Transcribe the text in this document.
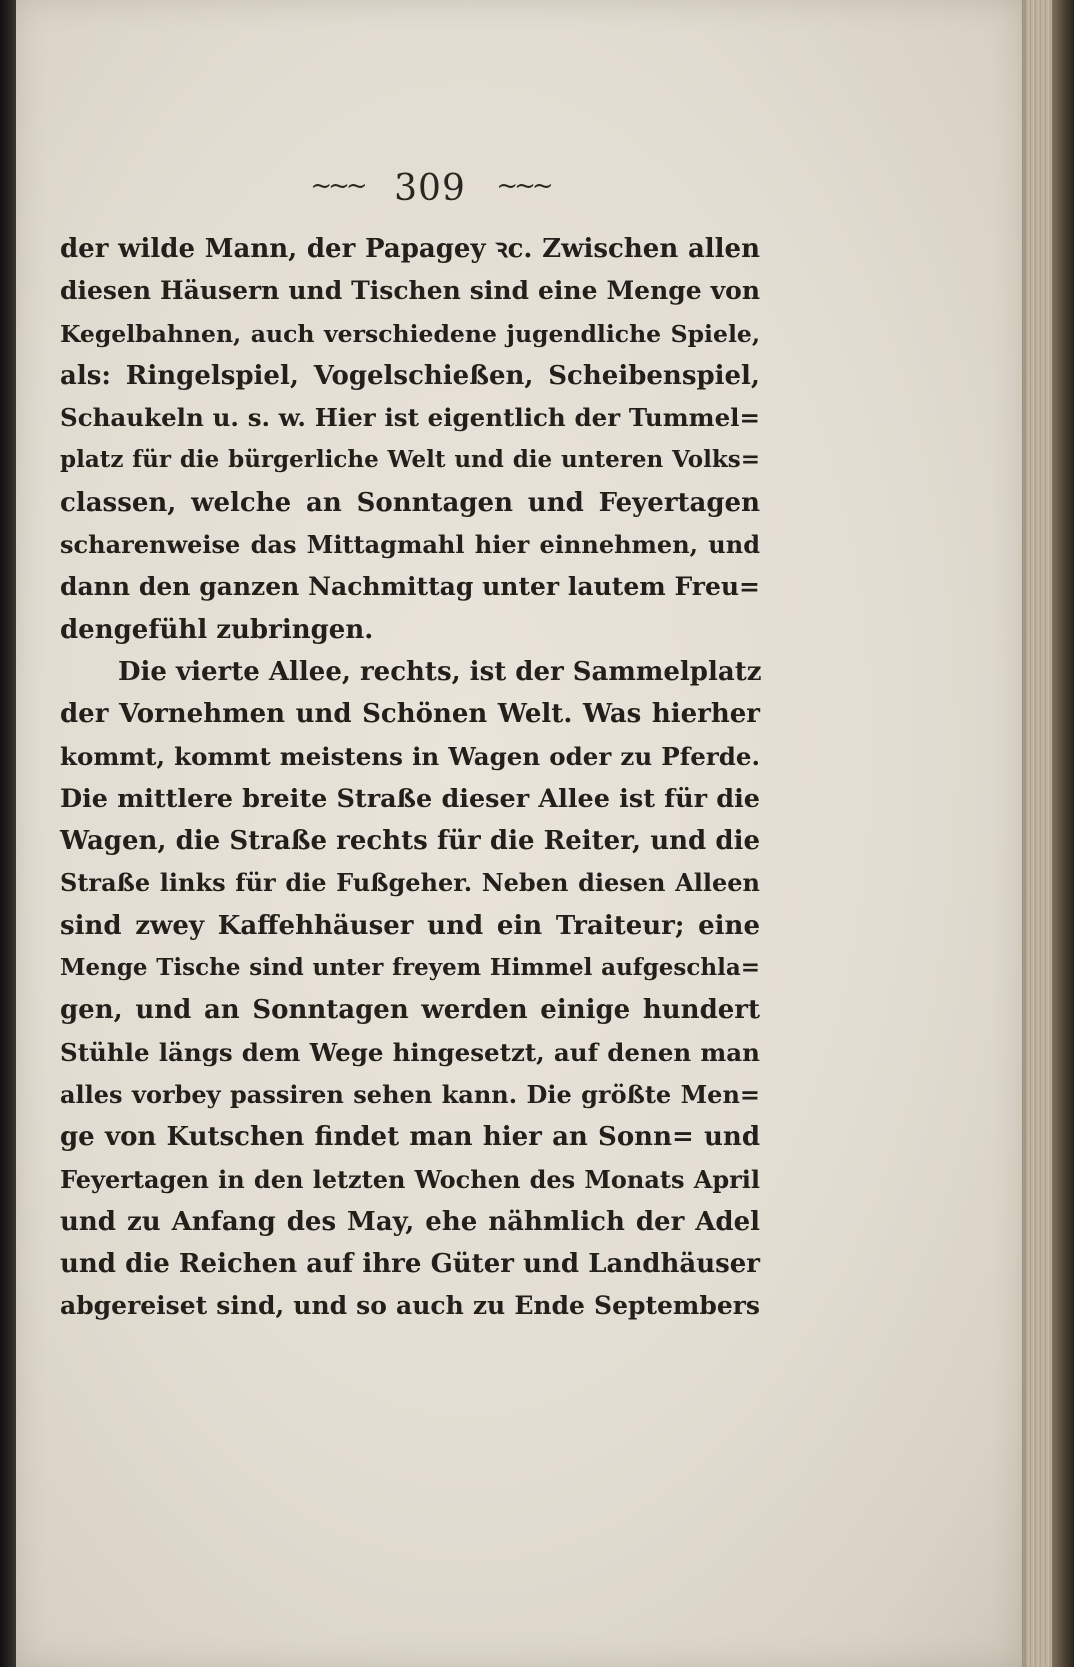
~~~ 309 ~~~
der wilde Mann, der Papagey ꝛc. Zwischen allen
diesen Häusern und Tischen sind eine Menge von
Kegelbahnen, auch verschiedene jugendliche Spiele,
als: Ringelspiel, Vogelschießen, Scheibenspiel,
Schaukeln u. s. w. Hier ist eigentlich der Tummel=
platz für die bürgerliche Welt und die unteren Volks=
classen, welche an Sonntagen und Feyertagen
scharenweise das Mittagmahl hier einnehmen, und
dann den ganzen Nachmittag unter lautem Freu=
dengefühl zubringen.
Die vierte Allee, rechts, ist der Sammelplatz
der Vornehmen und Schönen Welt. Was hierher
kommt, kommt meistens in Wagen oder zu Pferde.
Die mittlere breite Straße dieser Allee ist für die
Wagen, die Straße rechts für die Reiter, und die
Straße links für die Fußgeher. Neben diesen Alleen
sind zwey Kaffehhäuser und ein Traiteur; eine
Menge Tische sind unter freyem Himmel aufgeschla=
gen, und an Sonntagen werden einige hundert
Stühle längs dem Wege hingesetzt, auf denen man
alles vorbey passiren sehen kann. Die größte Men=
ge von Kutschen findet man hier an Sonn= und
Feyertagen in den letzten Wochen des Monats April
und zu Anfang des May, ehe nähmlich der Adel
und die Reichen auf ihre Güter und Landhäuser
abgereiset sind, und so auch zu Ende Septembers
